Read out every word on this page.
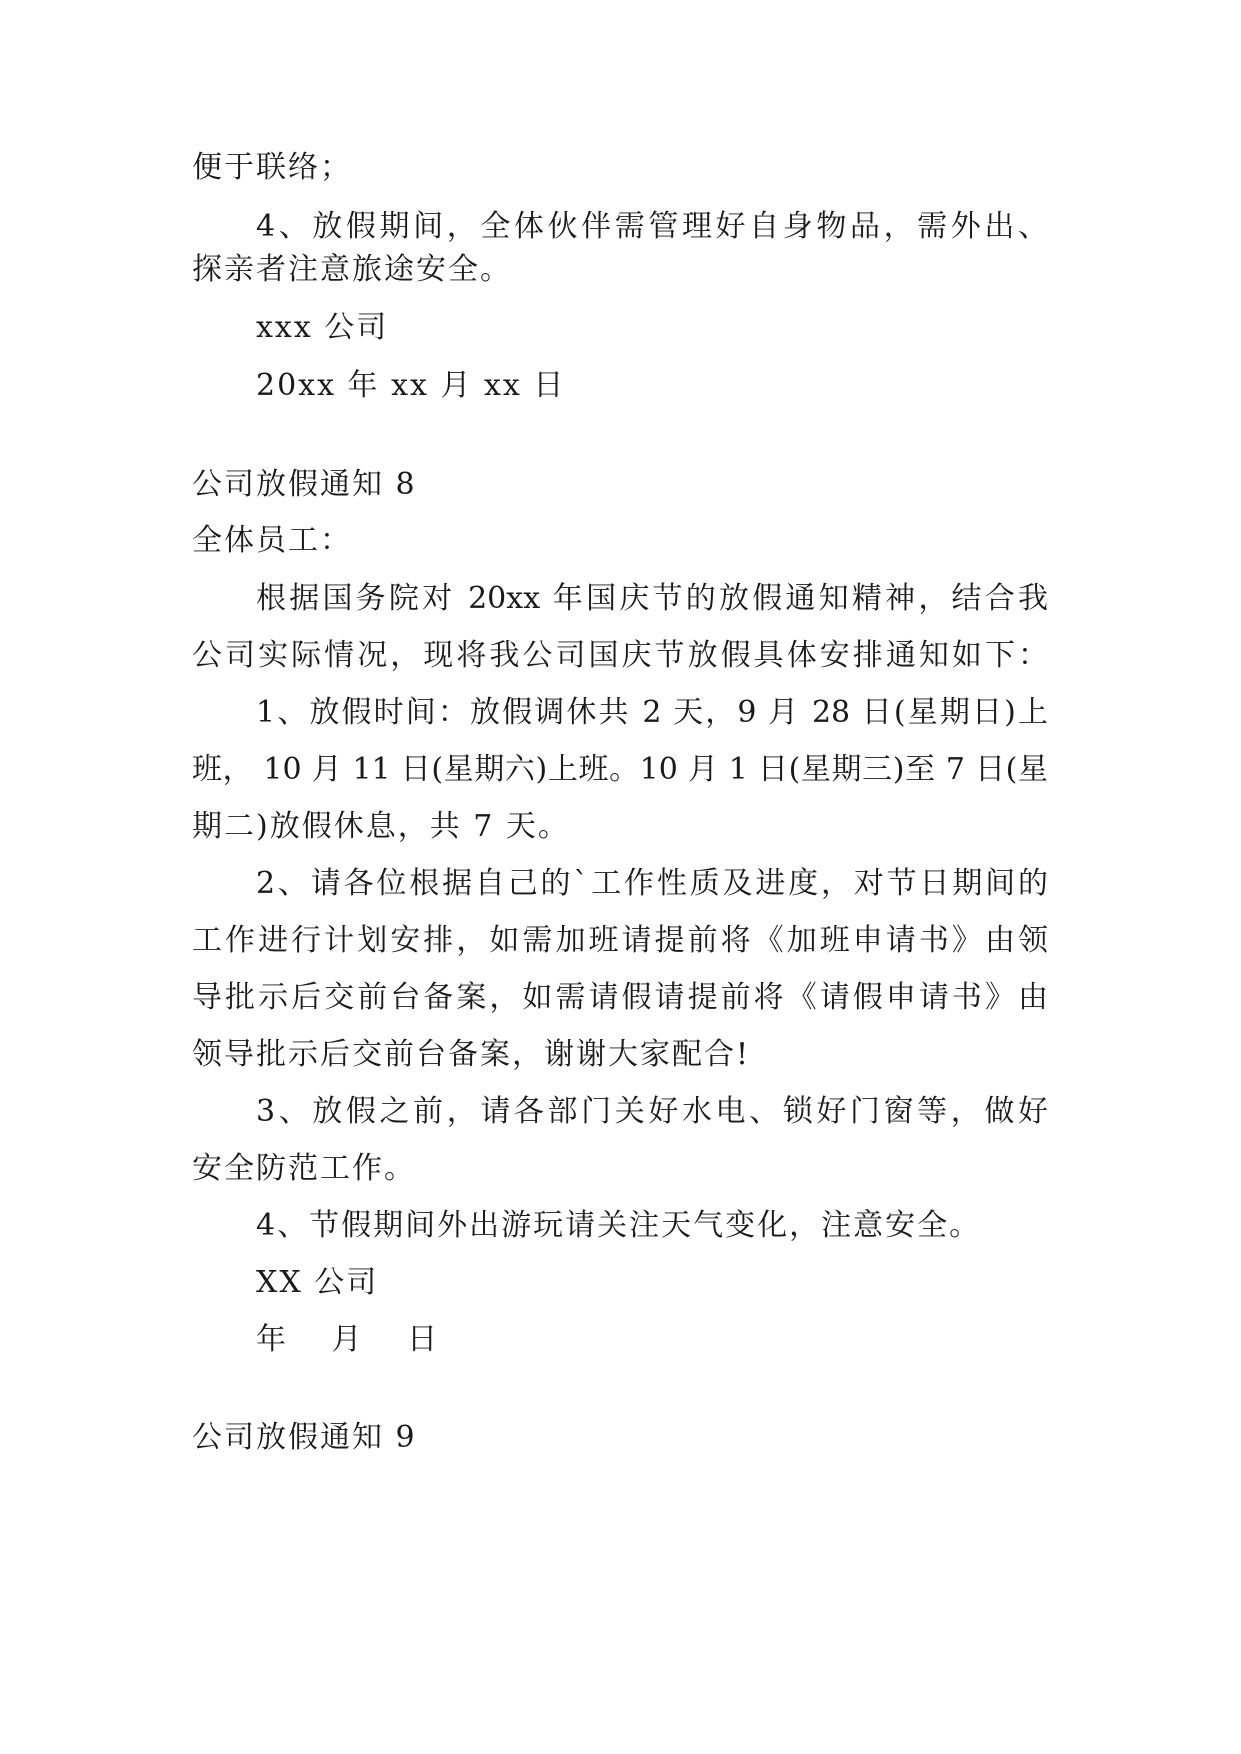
便于联络；
4、放假期间，全体伙伴需管理好自身物品，需外出、
探亲者注意旅途安全。
xxx 公司
20xx 年 xx 月 xx 日
公司放假通知 8
全体员工：
根据国务院对 20xx 年国庆节的放假通知精神，结合我
公司实际情况，现将我公司国庆节放假具体安排通知如下：
1、放假时间：放假调休共 2 天，9 月 28 日(星期日)上
班， 10 月 11 日(星期六)上班。10 月 1 日(星期三)至 7 日(星
期二)放假休息，共 7 天。
2、请各位根据自己的`工作性质及进度，对节日期间的
工作进行计划安排，如需加班请提前将《加班申请书》由领
导批示后交前台备案，如需请假请提前将《请假申请书》由
领导批示后交前台备案，谢谢大家配合!
3、放假之前，请各部门关好水电、锁好门窗等，做好
安全防范工作。
4、节假期间外出游玩请关注天气变化，注意安全。
XX 公司
年　 月　 日
公司放假通知 9
